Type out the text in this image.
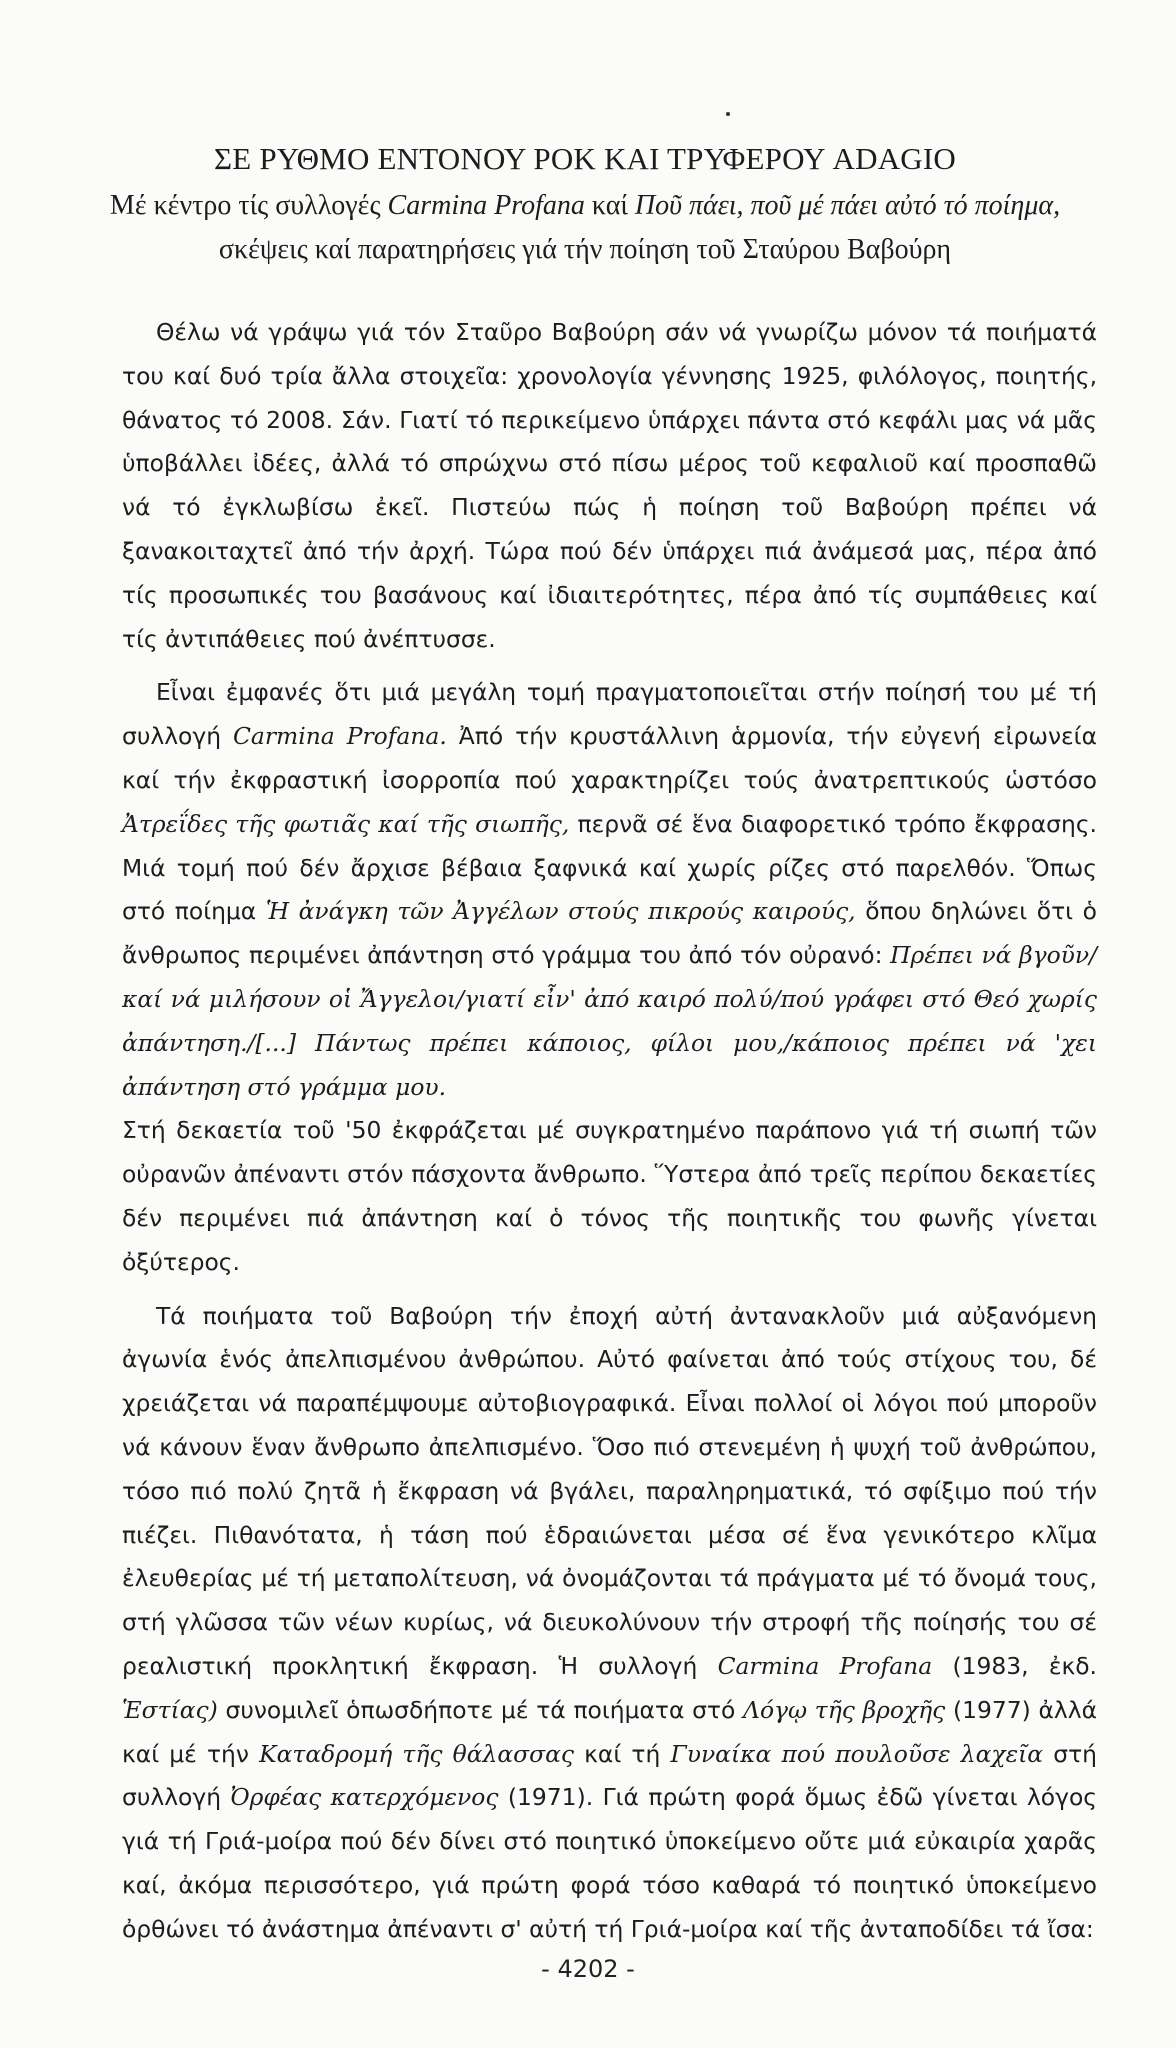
ΣΕ ΡΥΘΜΟ ΕΝΤΟΝΟΥ ΡΟΚ ΚΑΙ ΤΡΥΦΕΡΟΥ ADAGIO
Μέ κέντρο τίς συλλογές Carmina Profana καί Ποῦ πάει, ποῦ μέ πάει αὐτό τό ποίημα, σκέψεις καί παρατηρήσεις γιά τήν ποίηση τοῦ Σταύρου Βαβούρη

Θέλω νά γράψω γιά τόν Σταῦρο Βαβούρη σάν νά γνωρίζω μόνον τά ποιήματά του καί δυό τρία ἄλλα στοιχεῖα: χρονολογία γέννησης 1925, φιλόλογος, ποιητής, θάνατος τό 2008. Σάν. Γιατί τό περικείμενο ὑπάρχει πάντα στό κεφάλι μας νά μᾶς ὑποβάλλει ἰδέες, ἀλλά τό σπρώχνω στό πίσω μέρος τοῦ κεφαλιοῦ καί προσπαθῶ νά τό ἐγκλωβίσω ἐκεῖ. Πιστεύω πώς ἡ ποίηση τοῦ Βαβούρη πρέπει νά ξανακοιταχτεῖ ἀπό τήν ἀρχή. Τώρα πού δέν ὑπάρχει πιά ἀνάμεσά μας, πέρα ἀπό τίς προσωπικές του βασάνους καί ἰδιαιτερότητες, πέρα ἀπό τίς συμπάθειες καί τίς ἀντιπάθειες πού ἀνέπτυσσε.

Εἶναι ἐμφανές ὅτι μιά μεγάλη τομή πραγματοποιεῖται στήν ποίησή του μέ τή συλλογή Carmina Profana. Ἀπό τήν κρυστάλλινη ἁρμονία, τήν εὐγενή εἰρωνεία καί τήν ἐκφραστική ἰσορροπία πού χαρακτηρίζει τούς ἀνατρεπτικούς ὡστόσο Ἀτρεΐδες τῆς φωτιᾶς καί τῆς σιωπῆς, περνᾶ σέ ἕνα διαφορετικό τρόπο ἔκφρασης. Μιά τομή πού δέν ἄρχισε βέβαια ξαφνικά καί χωρίς ρίζες στό παρελθόν. Ὅπως στό ποίημα Ἡ ἀνάγκη τῶν Ἀγγέλων στούς πικρούς καιρούς, ὅπου δηλώνει ὅτι ὁ ἄνθρωπος περιμένει ἀπάντηση στό γράμμα του ἀπό τόν οὐρανό: Πρέπει νά βγοῦν/καί νά μιλήσουν οἱ Ἄγγελοι/γιατί εἶν' ἀπό καιρό πολύ/πού γράφει στό Θεό χωρίς ἀπάντηση./[...] Πάντως πρέπει κάποιος, φίλοι μου,/κάποιος πρέπει νά 'χει ἀπάντηση στό γράμμα μου.

Στή δεκαετία τοῦ '50 ἐκφράζεται μέ συγκρατημένο παράπονο γιά τή σιωπή τῶν οὐρανῶν ἀπέναντι στόν πάσχοντα ἄνθρωπο. Ὕστερα ἀπό τρεῖς περίπου δεκαετίες δέν περιμένει πιά ἀπάντηση καί ὁ τόνος τῆς ποιητικῆς του φωνῆς γίνεται ὀξύτερος.

Τά ποιήματα τοῦ Βαβούρη τήν ἐποχή αὐτή ἀντανακλοῦν μιά αὐξανόμενη ἀγωνία ἑνός ἀπελπισμένου ἀνθρώπου. Αὐτό φαίνεται ἀπό τούς στίχους του, δέ χρειάζεται νά παραπέμψουμε αὐτοβιογραφικά. Εἶναι πολλοί οἱ λόγοι πού μποροῦν νά κάνουν ἕναν ἄνθρωπο ἀπελπισμένο. Ὅσο πιό στενεμένη ἡ ψυχή τοῦ ἀνθρώπου, τόσο πιό πολύ ζητᾶ ἡ ἔκφραση νά βγάλει, παραληρηματικά, τό σφίξιμο πού τήν πιέζει. Πιθανότατα, ἡ τάση πού ἑδραιώνεται μέσα σέ ἕνα γενικότερο κλῖμα ἐλευθερίας μέ τή μεταπολίτευση, νά ὀνομάζονται τά πράγματα μέ τό ὄνομά τους, στή γλῶσσα τῶν νέων κυρίως, νά διευκολύνουν τήν στροφή τῆς ποίησής του σέ ρεαλιστική προκλητική ἔκφραση. Ἡ συλλογή Carmina Profana (1983, ἐκδ. Ἑστίας) συνομιλεῖ ὁπωσδήποτε μέ τά ποιήματα στό Λόγῳ τῆς βροχῆς (1977) ἀλλά καί μέ τήν Καταδρομή τῆς θάλασσας καί τή Γυναίκα πού πουλοῦσε λαχεῖα στή συλλογή Ὀρφέας κατερχόμενος (1971). Γιά πρώτη φορά ὅμως ἐδῶ γίνεται λόγος γιά τή Γριά-μοίρα πού δέν δίνει στό ποιητικό ὑποκείμενο οὔτε μιά εὐκαιρία χαρᾶς καί, ἀκόμα περισσότερο, γιά πρώτη φορά τόσο καθαρά τό ποιητικό ὑποκείμενο ὀρθώνει τό ἀνάστημα ἀπέναντι σ' αὐτή τή Γριά-μοίρα καί τῆς ἀνταποδίδει τά ἴσα:

- 4202 -
